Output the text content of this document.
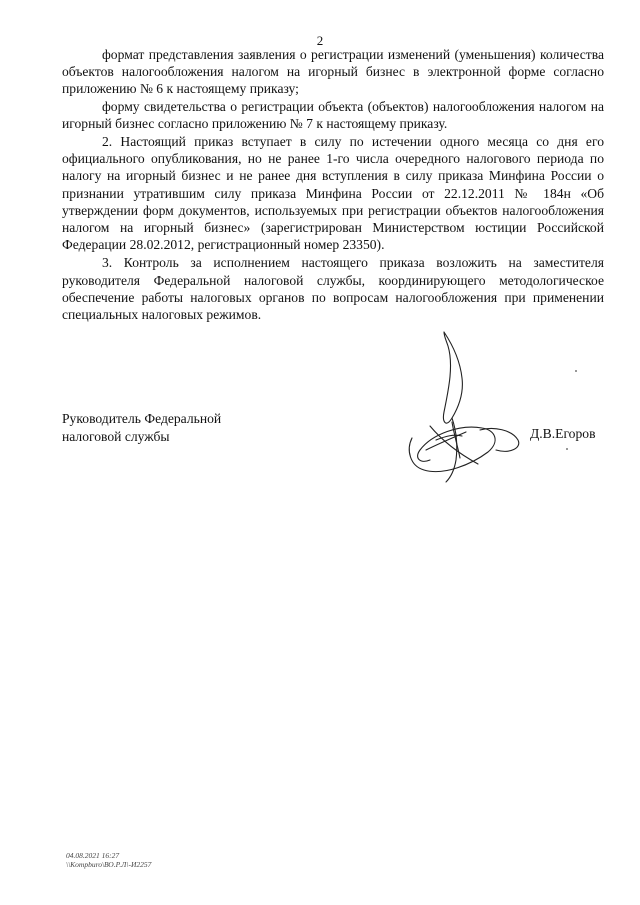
2

формат представления заявления о регистрации изменений (уменьшения) количества объектов налогообложения налогом на игорный бизнес в электронной форме согласно приложению № 6 к настоящему приказу;

форму свидетельства о регистрации объекта (объектов) налогообложения налогом на игорный бизнес согласно приложению № 7 к настоящему приказу.

2. Настоящий приказ вступает в силу по истечении одного месяца со дня его официального опубликования, но не ранее 1-го числа очередного налогового периода по налогу на игорный бизнес и не ранее дня вступления в силу приказа Минфина России о признании утратившим силу приказа Минфина России от 22.12.2011 № 184н «Об утверждении форм документов, используемых при регистрации объектов налогообложения налогом на игорный бизнес» (зарегистрирован Министерством юстиции Российской Федерации 28.02.2012, регистрационный номер 23350).

3. Контроль за исполнением настоящего приказа возложить на заместителя руководителя Федеральной налоговой службы, координирующего методологическое обеспечение работы налоговых органов по вопросам налогообложения при применении специальных налоговых режимов.

Руководитель Федеральной
налоговой службы	Д.В.Егоров
04.08.2021 16:27
\\Kompburo\ВО.Р.Л\-И2257
